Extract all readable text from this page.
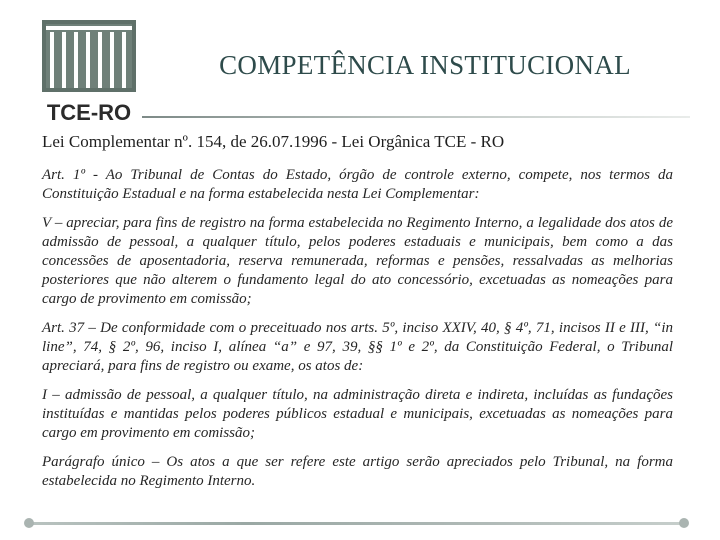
TCE-RO
COMPETÊNCIA INSTITUCIONAL
Lei Complementar nº. 154, de 26.07.1996 - Lei Orgânica TCE - RO

Art. 1º - Ao Tribunal de Contas do Estado, órgão de controle externo, compete, nos termos da Constituição Estadual e na forma estabelecida nesta Lei Complementar:

V – apreciar, para fins de registro na forma estabelecida no Regimento Interno, a legalidade dos atos de admissão de pessoal, a qualquer título, pelos poderes estaduais e municipais, bem como a das concessões de aposentadoria, reserva remunerada, reformas e pensões, ressalvadas as melhorias posteriores que não alterem o fundamento legal do ato concessório, excetuadas as nomeações para cargo de provimento em comissão;

Art. 37 – De conformidade com o preceituado nos arts. 5º, inciso XXIV, 40, § 4º, 71, incisos II e III, “in line”, 74, § 2º, 96, inciso I, alínea “a” e 97, 39, §§ 1º e 2º, da Constituição Federal, o Tribunal apreciará, para fins de registro ou exame, os atos de:

I – admissão de pessoal, a qualquer título, na administração direta e indireta, incluídas as fundações instituídas e mantidas pelos poderes públicos estadual e municipais, excetuadas as nomeações para cargo em provimento em comissão;

Parágrafo único – Os atos a que ser refere este artigo serão apreciados pelo Tribunal, na forma estabelecida no Regimento Interno.
